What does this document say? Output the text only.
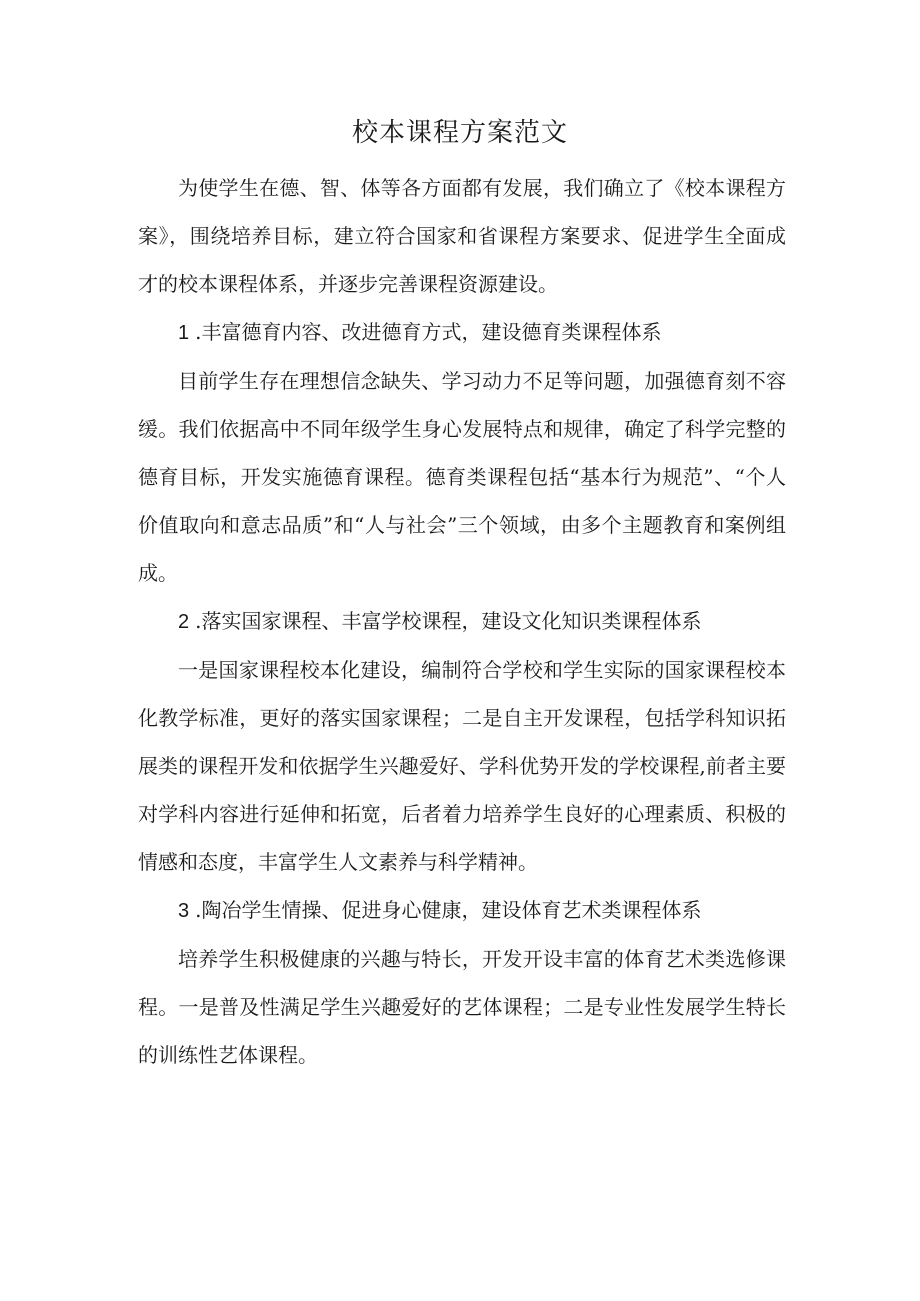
校本课程方案范文

为使学生在德、智、体等各方面都有发展，我们确立了《校本课程方案》，围绕培养目标，建立符合国家和省课程方案要求、促进学生全面成才的校本课程体系，并逐步完善课程资源建设。

1 .丰富德育内容、改进德育方式，建设德育类课程体系

目前学生存在理想信念缺失、学习动力不足等问题，加强德育刻不容缓。我们依据高中不同年级学生身心发展特点和规律，确定了科学完整的德育目标，开发实施德育课程。德育类课程包括“基本行为规范”、“个人价值取向和意志品质”和“人与社会”三个领域，由多个主题教育和案例组成。

2 .落实国家课程、丰富学校课程，建设文化知识类课程体系

一是国家课程校本化建设，编制符合学校和学生实际的国家课程校本化教学标准，更好的落实国家课程；二是自主开发课程，包括学科知识拓展类的课程开发和依据学生兴趣爱好、学科优势开发的学校课程,前者主要对学科内容进行延伸和拓宽，后者着力培养学生良好的心理素质、积极的情感和态度，丰富学生人文素养与科学精神。

3 .陶冶学生情操、促进身心健康，建设体育艺术类课程体系

培养学生积极健康的兴趣与特长，开发开设丰富的体育艺术类选修课程。一是普及性满足学生兴趣爱好的艺体课程；二是专业性发展学生特长的训练性艺体课程。
